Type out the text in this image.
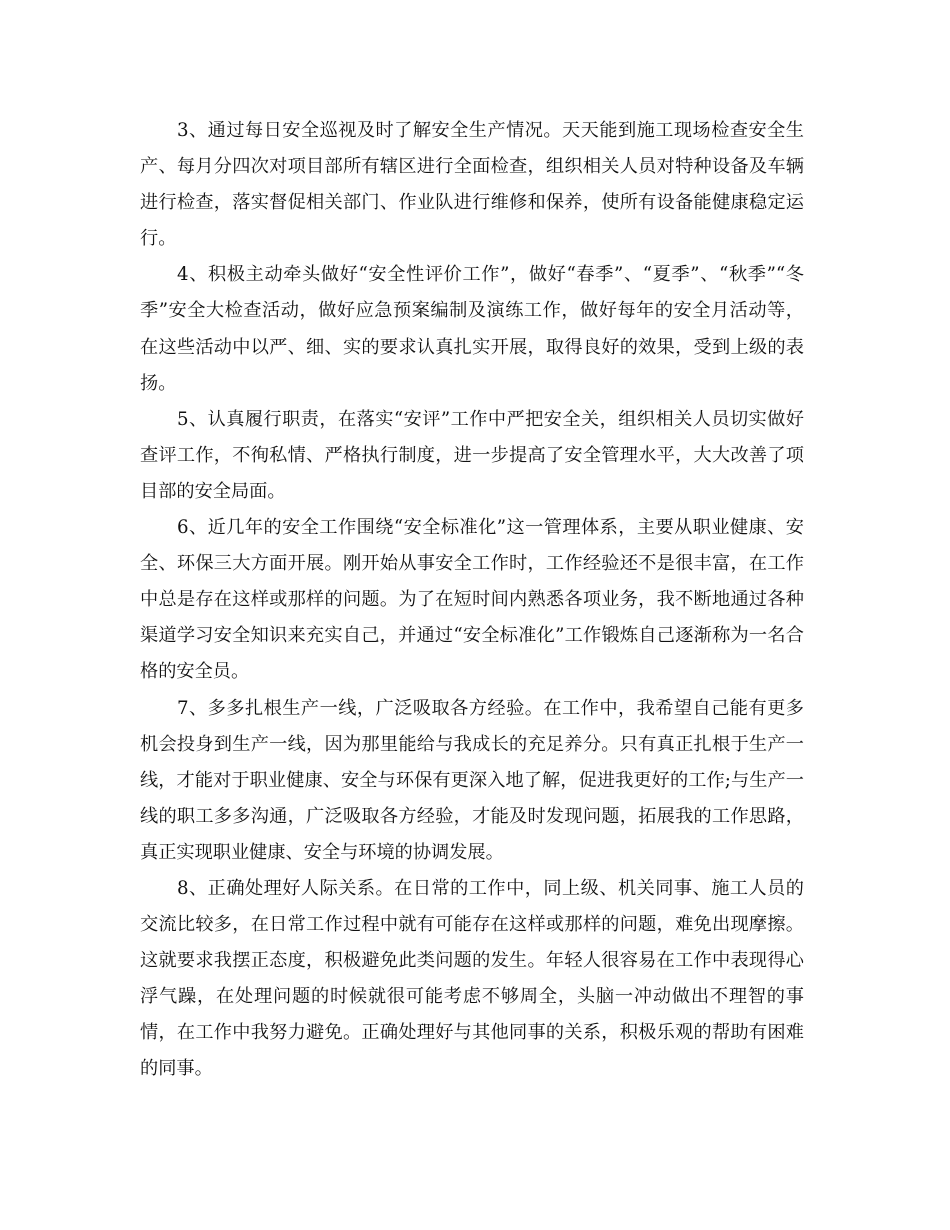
3、通过每日安全巡视及时了解安全生产情况。天天能到施工现场检查安全生产、每月分四次对项目部所有辖区进行全面检查，组织相关人员对特种设备及车辆进行检查，落实督促相关部门、作业队进行维修和保养，使所有设备能健康稳定运行。

4、积极主动牵头做好“安全性评价工作”，做好“春季”、“夏季”、“秋季”“冬季”安全大检查活动，做好应急预案编制及演练工作，做好每年的安全月活动等，在这些活动中以严、细、实的要求认真扎实开展，取得良好的效果，受到上级的表扬。

5、认真履行职责，在落实“安评”工作中严把安全关，组织相关人员切实做好查评工作，不徇私情、严格执行制度，进一步提高了安全管理水平，大大改善了项目部的安全局面。

6、近几年的安全工作围绕“安全标准化”这一管理体系，主要从职业健康、安全、环保三大方面开展。刚开始从事安全工作时，工作经验还不是很丰富，在工作中总是存在这样或那样的问题。为了在短时间内熟悉各项业务，我不断地通过各种渠道学习安全知识来充实自己，并通过“安全标准化”工作锻炼自己逐渐称为一名合格的安全员。

7、多多扎根生产一线，广泛吸取各方经验。在工作中，我希望自己能有更多机会投身到生产一线，因为那里能给与我成长的充足养分。只有真正扎根于生产一线，才能对于职业健康、安全与环保有更深入地了解，促进我更好的工作;与生产一线的职工多多沟通，广泛吸取各方经验，才能及时发现问题，拓展我的工作思路，真正实现职业健康、安全与环境的协调发展。

8、正确处理好人际关系。在日常的工作中，同上级、机关同事、施工人员的交流比较多，在日常工作过程中就有可能存在这样或那样的问题，难免出现摩擦。这就要求我摆正态度，积极避免此类问题的发生。年轻人很容易在工作中表现得心浮气躁，在处理问题的时候就很可能考虑不够周全，头脑一冲动做出不理智的事情，在工作中我努力避免。正确处理好与其他同事的关系，积极乐观的帮助有困难的同事。
